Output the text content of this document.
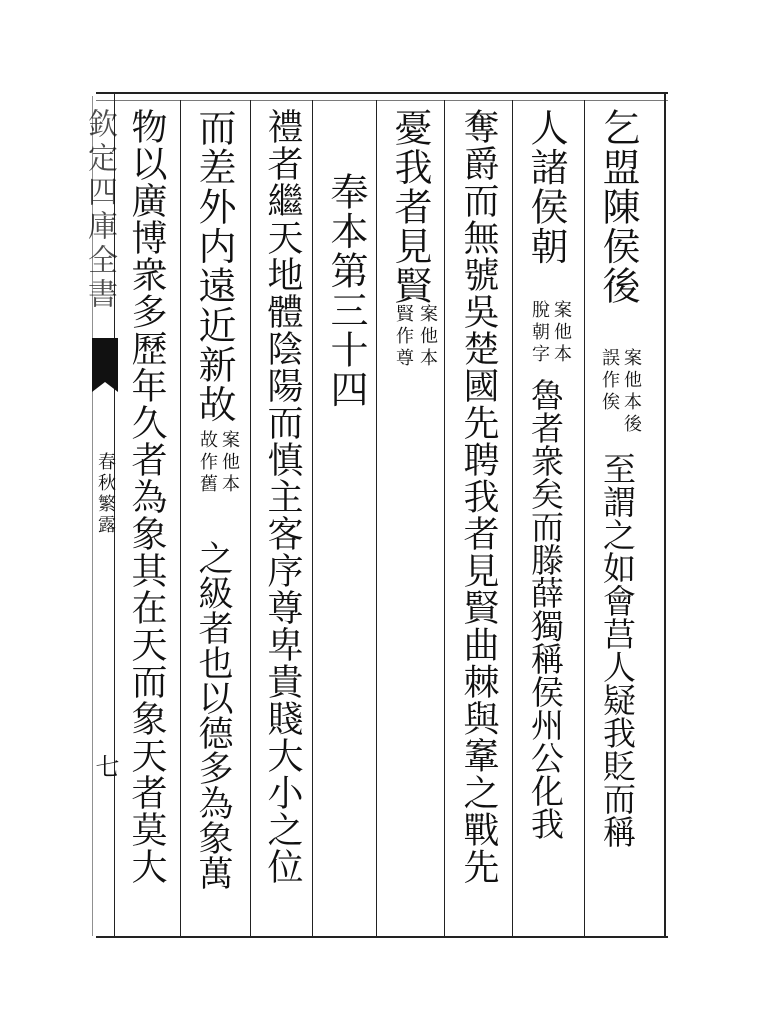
欽定四庫全書
春秋繁露
七
乞盟陳侯後
案他本後
誤作俟
至謂之如會莒人疑我貶而稱
人諸侯朝
案他本
脫朝字
魯者衆矣而滕薛獨稱侯州公化我
奪爵而無號吳楚國先聘我者見賢曲棘與鞌之戰先
憂我者見賢
案他本
賢作尊
奉本第三十四
禮者繼天地體陰陽而慎主客序尊卑貴賤大小之位
而差外内遠近新故
案他本
故作舊
之級者也以德多為象萬
物以廣博衆多歷年久者為象其在天而象天者莫大
